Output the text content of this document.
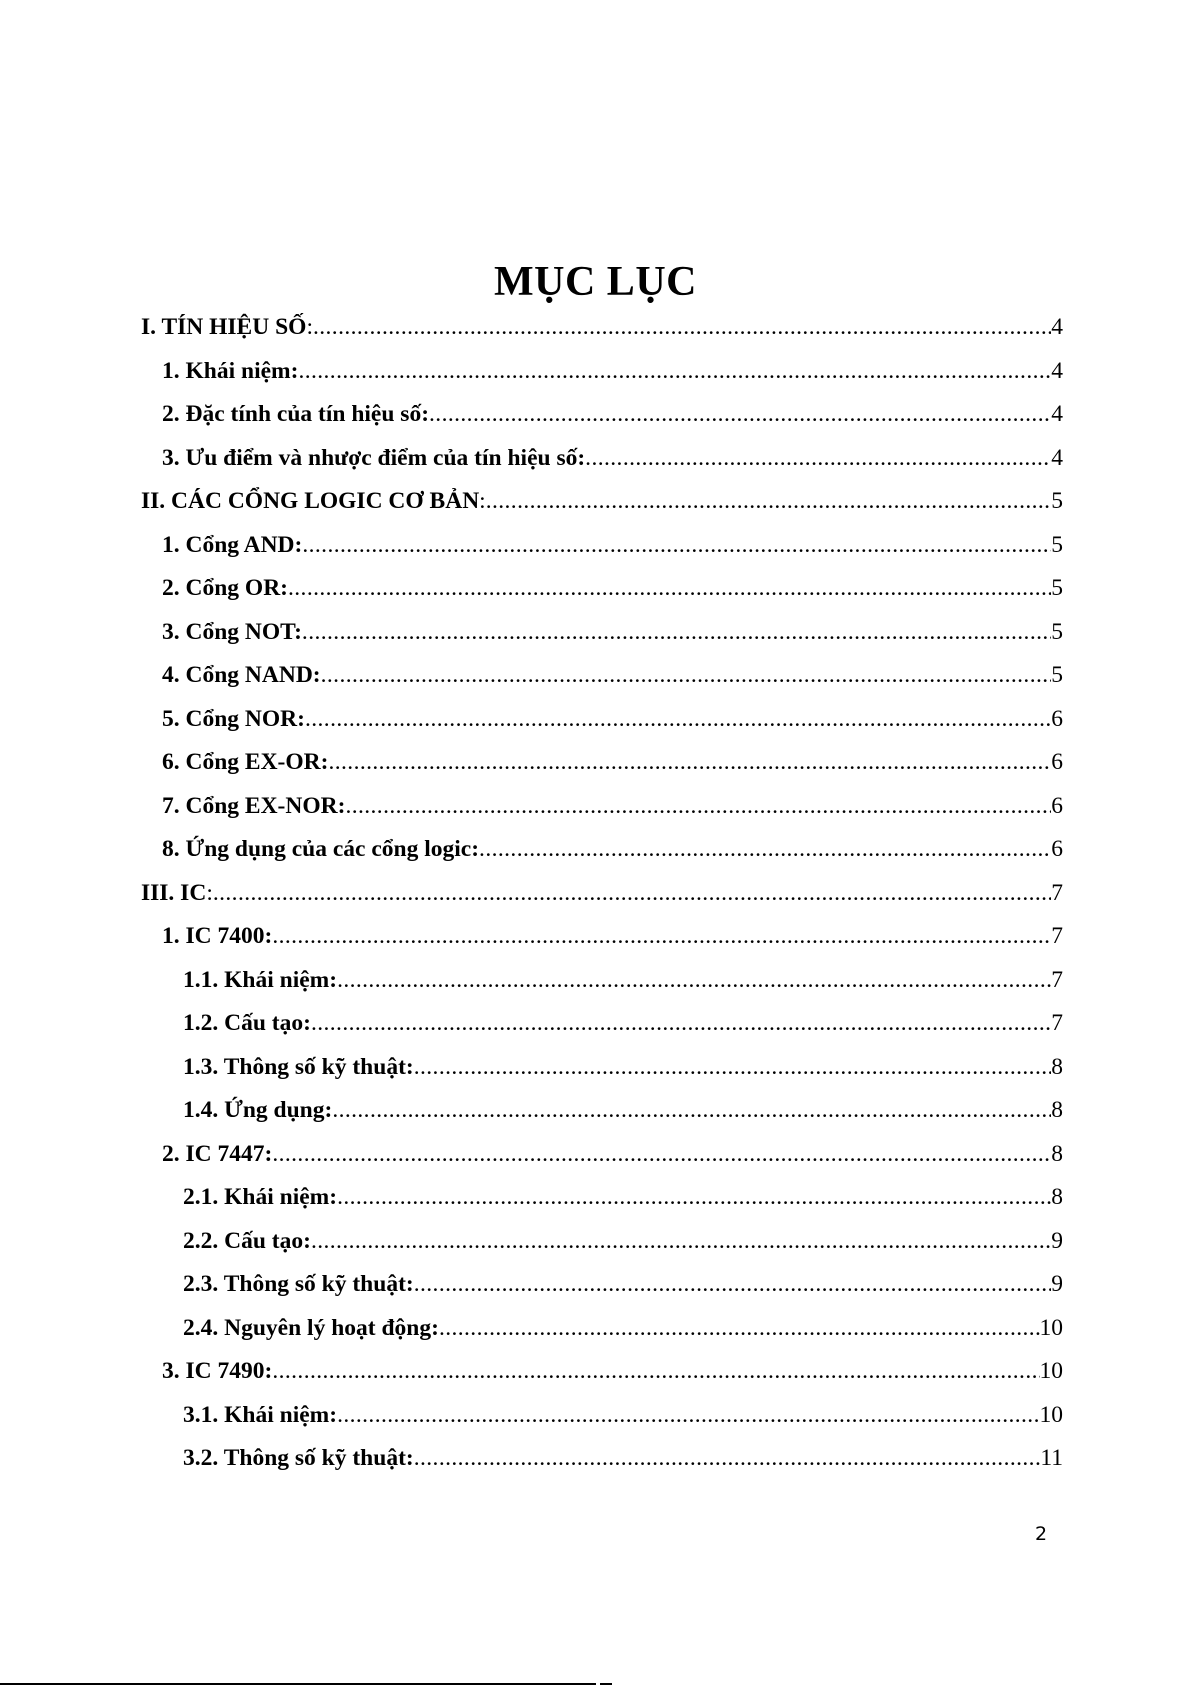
MỤC LỤC
I. TÍN HIỆU SỐ : .....	4
1. Khái niệm: .....	4
2. Đặc tính của tín hiệu số: .....	4
3. Ưu điểm và nhược điểm của tín hiệu số: .....	4
II. CÁC CỔNG LOGIC CƠ BẢN : .....	5
1. Cổng AND: .....	5
2. Cổng OR: .....	5
3. Cổng NOT: .....	5
4. Cổng NAND: .....	5
5. Cổng NOR: .....	6
6. Cổng EX-OR: .....	6
7. Cổng EX-NOR: .....	6
8. Ứng dụng của các cổng logic: .....	6
III. IC : .....	7
1. IC 7400: .....	7
1.1. Khái niệm: .....	7
1.2. Cấu tạo: .....	7
1.3. Thông số kỹ thuật: .....	8
1.4. Ứng dụng: .....	8
2. IC 7447: .....	8
2.1. Khái niệm: .....	8
2.2. Cấu tạo: .....	9
2.3. Thông số kỹ thuật: .....	9
2.4. Nguyên lý hoạt động: .....	10
3. IC 7490: .....	10
3.1. Khái niệm: .....	10
3.2. Thông số kỹ thuật: .....	11
2
